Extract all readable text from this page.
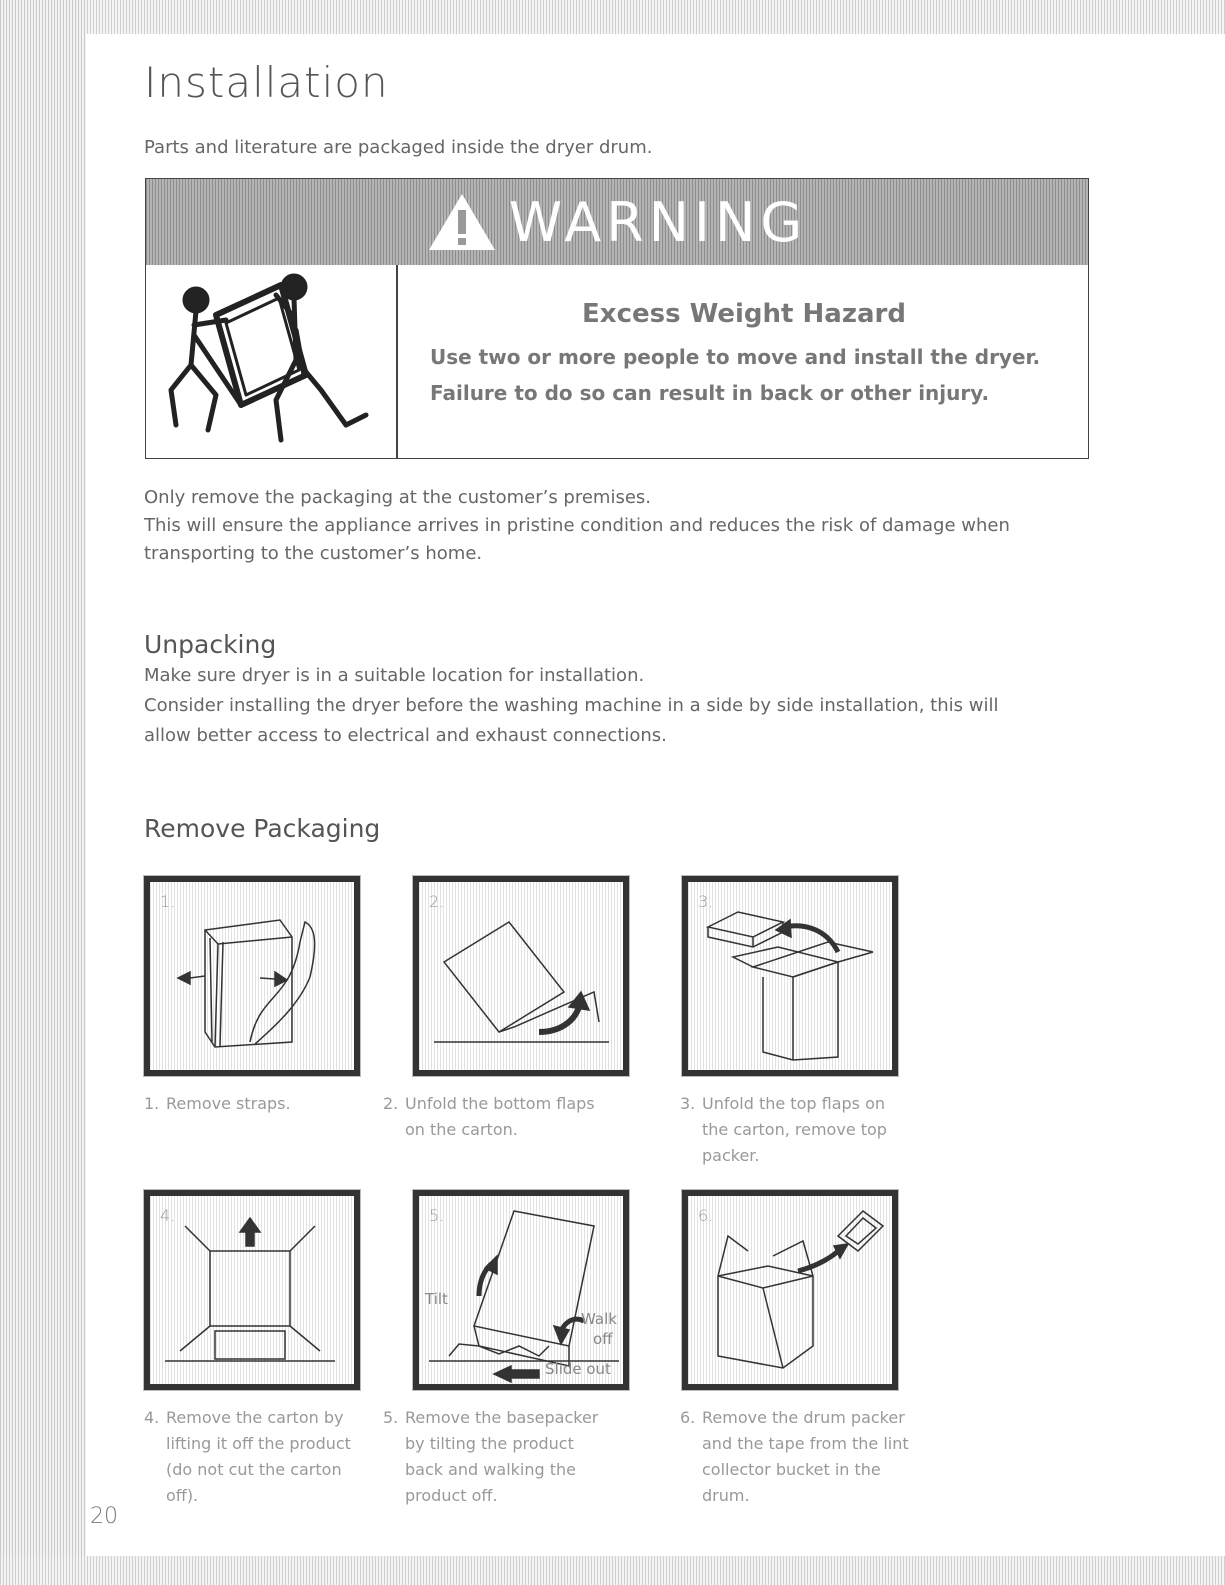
Installation

Parts and literature are packaged inside the dryer drum.

WARNING

Excess Weight Hazard

Use two or more people to move and install the dryer.

Failure to do so can result in back or other injury.

Only remove the packaging at the customer’s premises.

This will ensure the appliance arrives in pristine condition and reduces the risk of damage when

transporting to the customer’s home.

Unpacking

Make sure dryer is in a suitable location for installation.

Consider installing the dryer before the washing machine in a side by side installation, this will

allow better access to electrical and exhaust connections.

Remove Packaging
1.
1. Remove straps.
2.
2. Unfold the bottom flaps on the carton.
3.
3. Unfold the top flaps on the carton, remove top packer.
4.
4. Remove the carton by lifting it off the product (do not cut the carton off).
5.
Tilt
Walk
off
Slide out
5. Remove the basepacker by tilting the product back and walking the product off.
6.
6. Remove the drum packer and the tape from the lint collector bucket in the drum.
20
